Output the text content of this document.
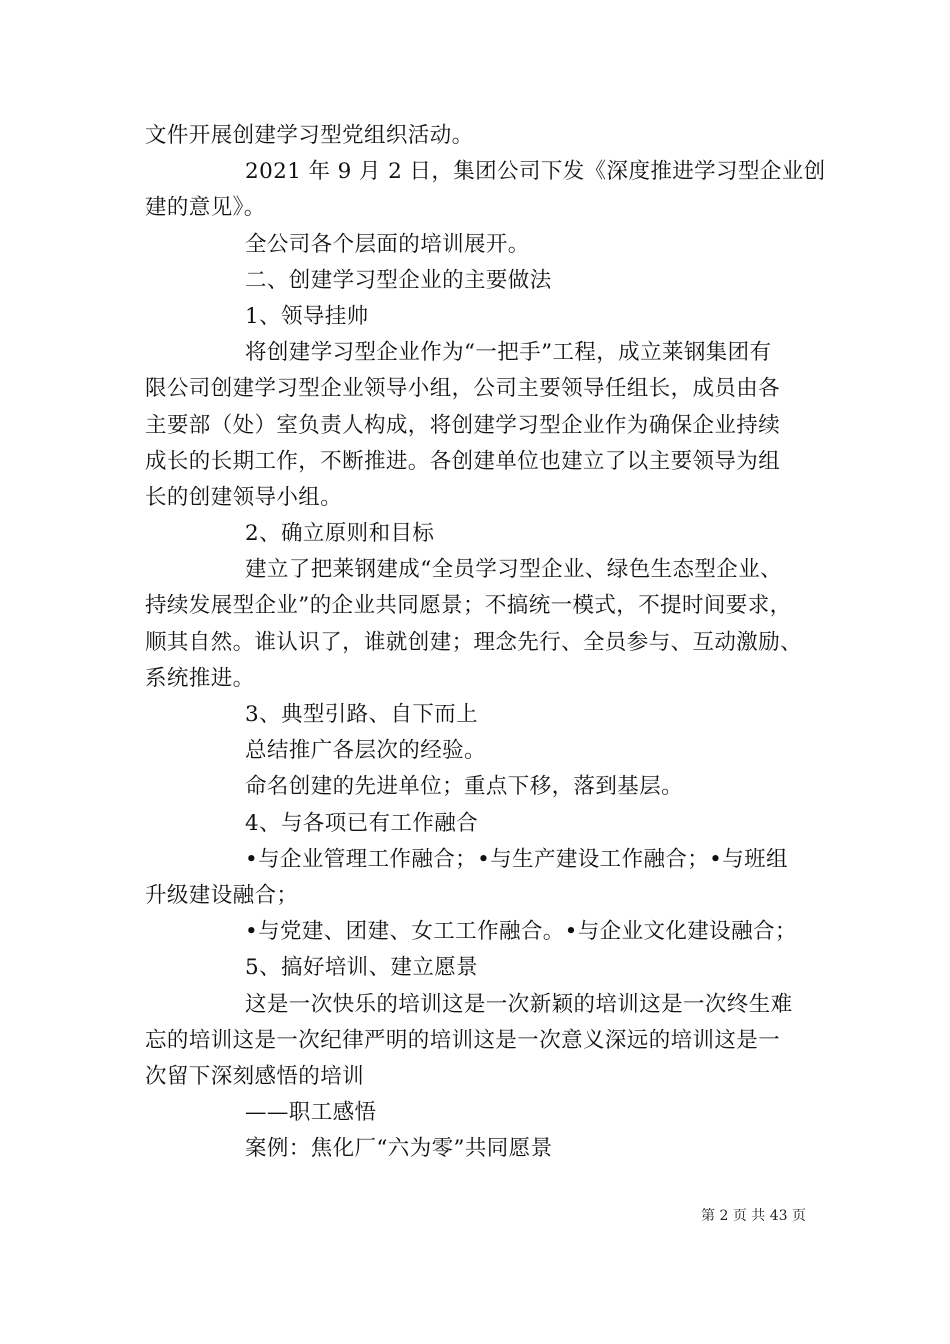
文件开展创建学习型党组织活动。
2021 年 9 月 2 日，集团公司下发《深度推进学习型企业创
建的意见》。
全公司各个层面的培训展开。
二、创建学习型企业的主要做法
1、领导挂帅
将创建学习型企业作为“一把手”工程，成立莱钢集团有
限公司创建学习型企业领导小组，公司主要领导任组长，成员由各
主要部（处）室负责人构成，将创建学习型企业作为确保企业持续
成长的长期工作，不断推进。各创建单位也建立了以主要领导为组
长的创建领导小组。
2、确立原则和目标
建立了把莱钢建成“全员学习型企业、绿色生态型企业、
持续发展型企业”的企业共同愿景；不搞统一模式，不提时间要求，
顺其自然。谁认识了，谁就创建；理念先行、全员参与、互动激励、
系统推进。
3、典型引路、自下而上
总结推广各层次的经验。
命名创建的先进单位；重点下移，落到基层。
4、与各项已有工作融合
•与企业管理工作融合；•与生产建设工作融合；•与班组
升级建设融合；
•与党建、团建、女工工作融合。•与企业文化建设融合；
5、搞好培训、建立愿景
这是一次快乐的培训这是一次新颖的培训这是一次终生难
忘的培训这是一次纪律严明的培训这是一次意义深远的培训这是一
次留下深刻感悟的培训
——职工感悟
案例：焦化厂“六为零”共同愿景
第 2 页 共 43 页
